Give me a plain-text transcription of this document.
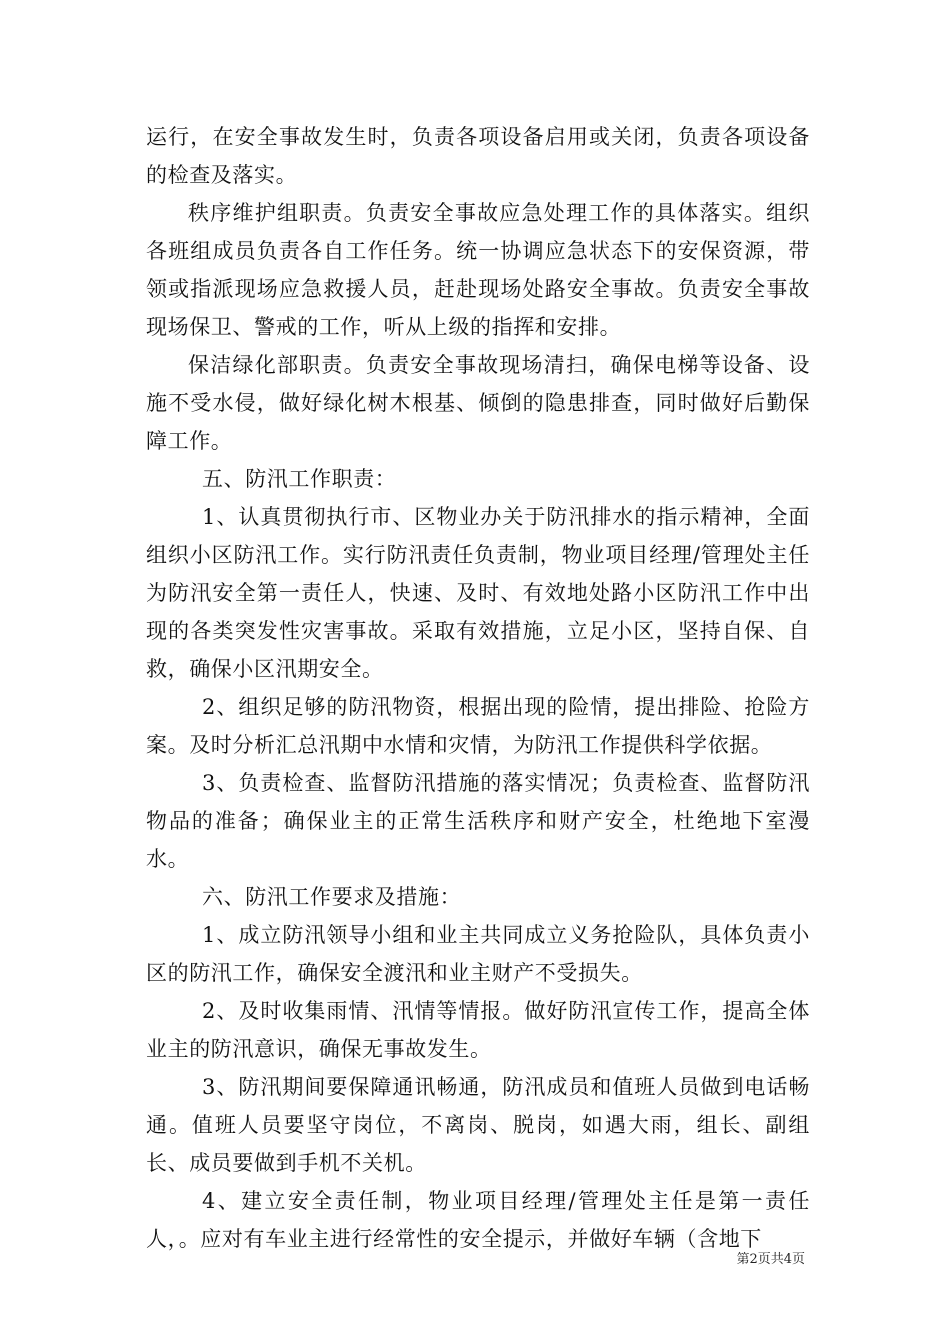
运行，在安全事故发生时，负责各项设备启用或关闭，负责各项设备的检查及落实。

秩序维护组职责。负责安全事故应急处理工作的具体落实。组织各班组成员负责各自工作任务。统一协调应急状态下的安保资源，带领或指派现场应急救援人员，赶赴现场处路安全事故。负责安全事故现场保卫、警戒的工作，听从上级的指挥和安排。

保洁绿化部职责。负责安全事故现场清扫，确保电梯等设备、设施不受水侵，做好绿化树木根基、倾倒的隐患排查，同时做好后勤保障工作。

五、防汛工作职责：

1、认真贯彻执行市、区物业办关于防汛排水的指示精神，全面组织小区防汛工作。实行防汛责任负责制，物业项目经理/管理处主任为防汛安全第一责任人，快速、及时、有效地处路小区防汛工作中出现的各类突发性灾害事故。采取有效措施，立足小区，坚持自保、自救，确保小区汛期安全。

2、组织足够的防汛物资，根据出现的险情，提出排险、抢险方案。及时分析汇总汛期中水情和灾情，为防汛工作提供科学依据。

3、负责检查、监督防汛措施的落实情况；负责检查、监督防汛物品的准备；确保业主的正常生活秩序和财产安全，杜绝地下室漫水。

六、防汛工作要求及措施：

1、成立防汛领导小组和业主共同成立义务抢险队，具体负责小区的防汛工作，确保安全渡汛和业主财产不受损失。

2、及时收集雨情、汛情等情报。做好防汛宣传工作，提高全体业主的防汛意识，确保无事故发生。

3、防汛期间要保障通讯畅通，防汛成员和值班人员做到电话畅通。值班人员要坚守岗位，不离岗、脱岗，如遇大雨，组长、副组长、成员要做到手机不关机。

4、建立安全责任制，物业项目经理/管理处主任是第一责任人，。应对有车业主进行经常性的安全提示，并做好车辆（含地下

第2页共4页
